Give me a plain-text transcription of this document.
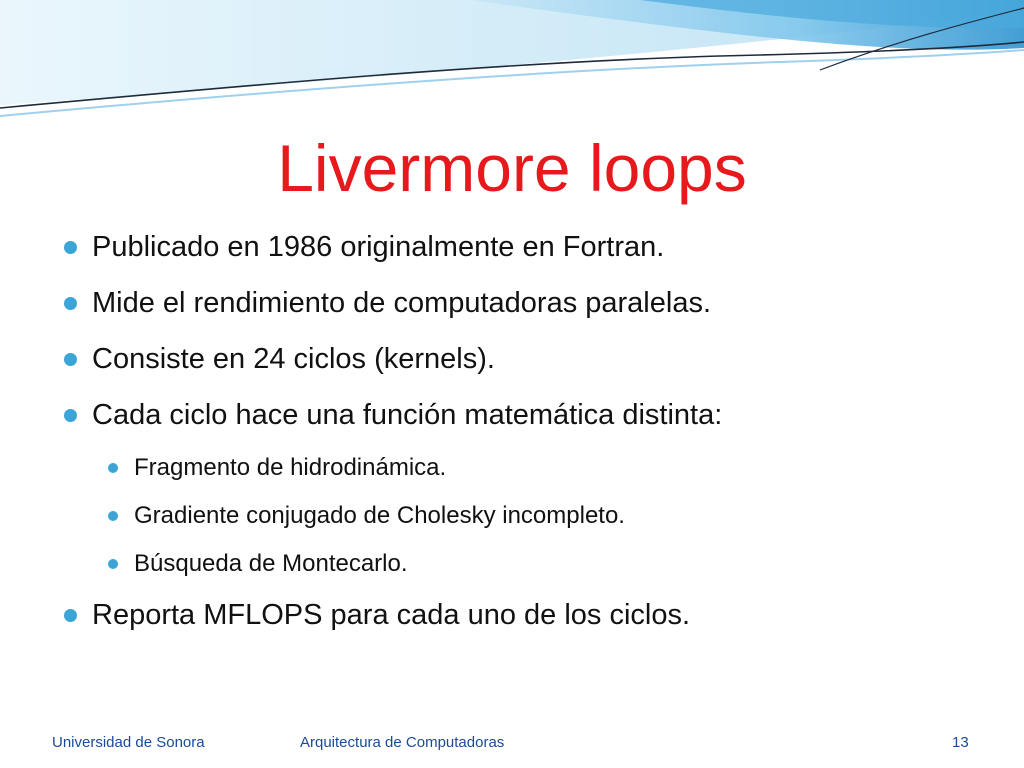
Livermore loops
Publicado en 1986 originalmente en Fortran.
Mide el rendimiento de computadoras paralelas.
Consiste en 24 ciclos (kernels).
Cada ciclo hace una función matemática distinta:
Fragmento de hidrodinámica.
Gradiente conjugado de Cholesky incompleto.
Búsqueda de Montecarlo.
Reporta MFLOPS para cada uno de los ciclos.
Universidad de Sonora	Arquitectura de Computadoras	13
